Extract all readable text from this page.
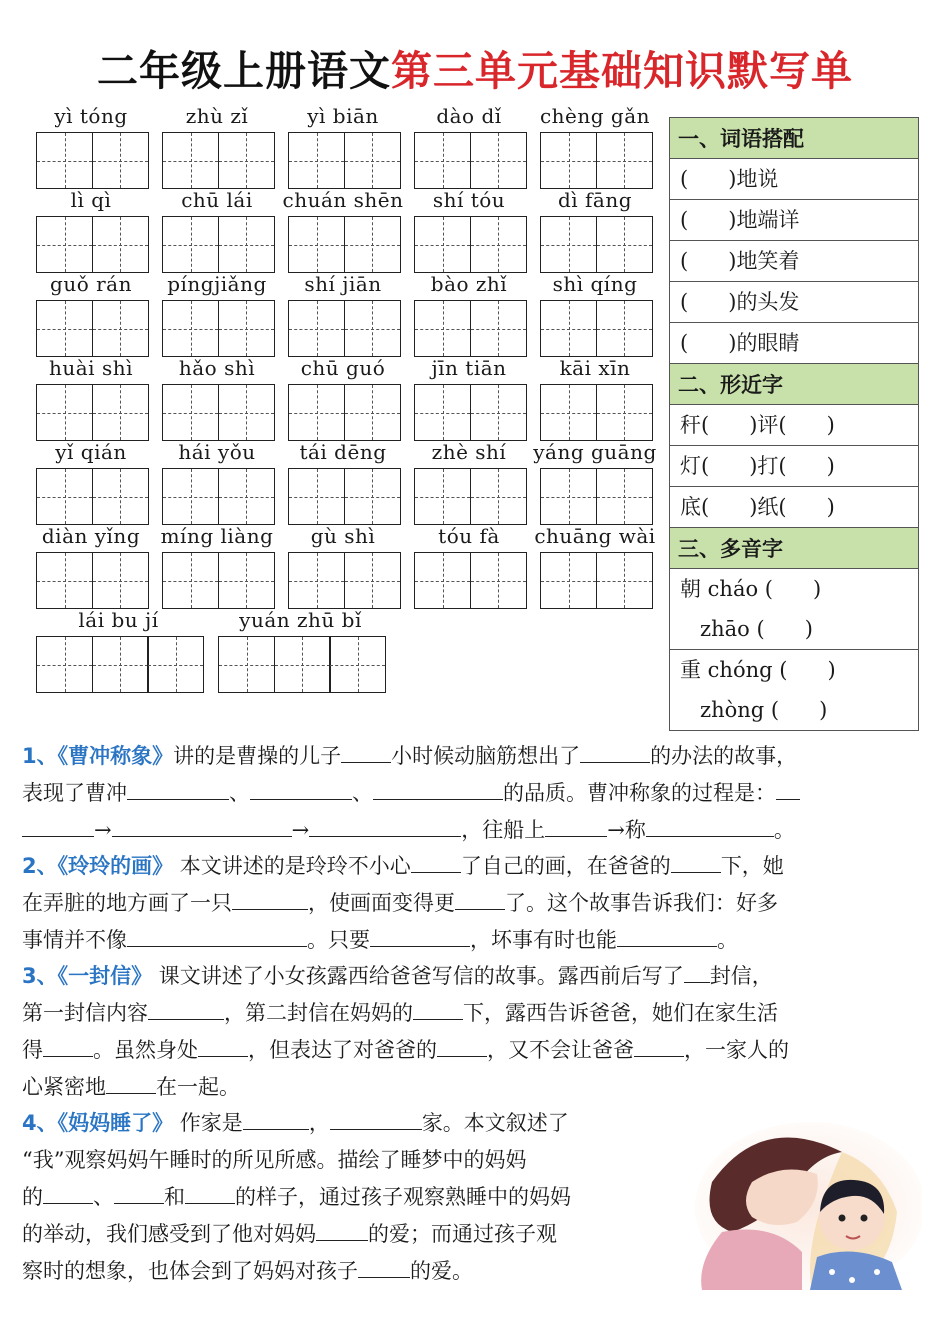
二年级上册语文第三单元基础知识默写单
yì tóng	zhù zǐ	yì biān	dào dǐ	chèng gǎn
lì qì	chū lái	chuán shēn	shí tóu	dì fāng
guǒ rán	píngjiǎng	shí jiān	bào zhǐ	shì qíng
huài shì	hǎo shì	chū guó	jīn tiān	kāi xīn
yǐ qián	hái yǒu	tái dēng	zhè shí	yáng guāng
diàn yǐng	míng liàng	gù shì	tóu fà	chuāng wài
lái bu jí	yuán zhū bǐ
一、词语搭配
(      )地说
(      )地端详
(      )地笑着
(      )的头发
(      )的眼睛
二、形近字
秆(      )评(      )
灯(      )打(      )
底(      )纸(      )
三、多音字
朝 cháo (      )
zhāo (      )
重 chóng (      )
zhòng (      )
1、《曹冲称象》讲的是曹操的儿子 小时候动脑筋想出了	的办法的故事，
表现了曹冲	、	、	的品质。曹冲称象的过程是：
→	→	，往船上	→称	。
2、《玲玲的画》 本文讲述的是玲玲不小心 了自己的画，在爸爸的 下，她
在弄脏的地方画了一只	，使画面变得更 了。这个故事告诉我们：好多
事情并不像	。只要	，坏事有时也能	。
3、《一封信》 课文讲述了小女孩露西给爸爸写信的故事。露西前后写了 封信，
第一封信内容	，第二封信在妈妈的 下，露西告诉爸爸，她们在家生活
得 。虽然身处 ，但表达了对爸爸的 ，又不会让爸爸 ，一家人的
心紧密地 在一起。
4、《妈妈睡了》 作家是	，	家。本文叙述了
“我”观察妈妈午睡时的所见所感。描绘了睡梦中的妈妈
的 、 和 的样子，通过孩子观察熟睡中的妈妈
的举动，我们感受到了他对妈妈 的爱；而通过孩子观
察时的想象，也体会到了妈妈对孩子 的爱。
